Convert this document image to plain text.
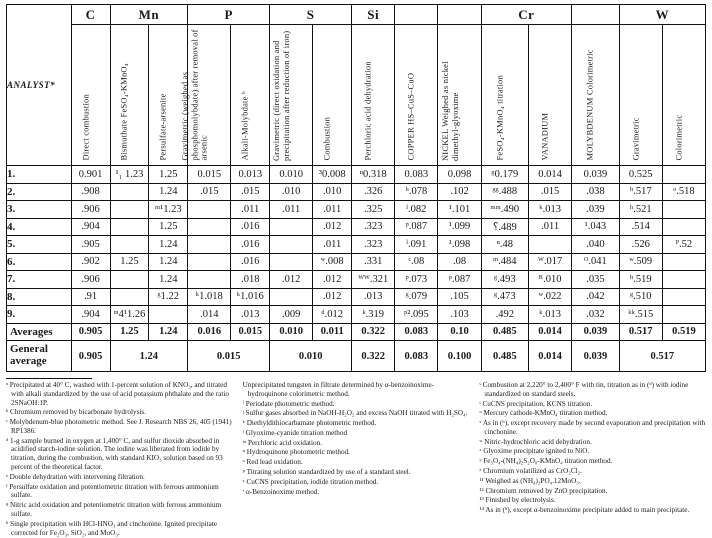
ANALYST*	C	Mn		P		S		Si			Cr			W	

	Direct combustion	Bismuthate FeSO₄-KMnO₄	Persulfate-arsenite	Gravimetric (weighed as phosphomolybdate) after removal of arsenic	Alkali-Molybdate ᵇ	Gravimetric (direct oxidation and precipitation after reduction of iron)	Combustion	Perchloric acid dehydration	COPPER HS–CuS–CuO	NICKEL Weighed as nickel dimethyl-glyoxime	FeSO₄-KMnO₄ titration	VANADIUM	MOLYBDENUM Colorimetric	Gravimetric	Colorimetric

1.	0.901	¹₁ 1.23	1.25	0.015	0.013	0.010	³0.008	ⁿ0.318	0.083	0.098	ᵍ0.179	0.014	0.039	0.525	
2.	.908		1.24	.015	.015	.010	.010	.326	ʰ.078	.102	ᵍᵍ.488	.015	.038	ʰ.517	ᵒ.518
3.	.906		ᵐ¹1.23		.011	.011	.011	.325	ˡ.082	¹.101	ᵐᵐ.490	ᵏ.013	.039	ʰ.521	
4.	.904		1.25		.016		.012	.323	ᵖ.087	¹.099	⸮.489	.011	¹.043	.514	
5.	.905		1.24		.016		.011	.323	ˡ.091	¹.098	ⁿ.48		.040	.526	ᴾ.52
6.	.902	1.25	1.24		.016		ʷ.008	.331	ᶜ.08	.08	ᵐ.484	ᵂ.017	ᴼ.041	ʷ.509	
7.	.906		1.24		.018	.012	.012	ᵂᵂ.321	ᵖ.073	ᵖ.087	ᵍ.493	ᴿ.010	.035	ʰ.519	
8.	.91		ᵍ1.22	ᵏ1.018	ᵏ1.016		.012	.013	ᵍ.079	.105	ᵍ.473	ʷ.022	.042	ᵍ.510	
9.	.904	ᵐ4¹1.26		.014	.013	.009	ᵈ.012	ᵏ.319	ᵖ².095	.103	.492	ᵏ.013	.032	ᵏᵏ.515	
Averages	0.905	1.25	1.24	0.016	0.015	0.010	0.011	0.322	0.083	0.10	0.485	0.014	0.039	0.517	0.519
General average	0.905	1.24		0.015		0.010		0.322	0.083	0.100	0.485	0.014	0.039	0.517	

ᵃ Precipitated at 40° C, washed with 1-percent solution of KNO₃, and titrated with alkali standardized by the use of acid potassium phthalate and the ratio 2SNaOH:1P.

ᵇ Chromium removed by bicarbonate hydrolysis.

ᶜ Molybdenum-blue photometric method. See J. Research NBS 26, 405 (1941) RP1386.

ᵈ 1-g sample burned in oxygen at 1,400° C, and sulfur dioxide absorbed in acidified starch-iodine solution. The iodine was liberated from iodide by titration, during the combustion, with standard KIO₃ solution based on 93 percent of the theoretical factor.

ᵉ Double dehydration with intervening filtration.

ᶠ Persulfate oxidation and potentiometric titration with ferrous ammonium sulfate.

ᵍ Nitric acid oxidation and potentiometric titration with ferrous ammonium sulfate.

ʰ Single precipitation with HCl-HNO₃ and cinchonine. Ignited precipitate corrected for Fe₂O₃, SiO₂, and MoO₃.

Unprecipitated tungsten in filtrate determined by α-benzoinoxime-hydroquinone colorimetric method.

ⁱ Periodate photometric method.

ʲ Sulfur gases absorbed in NaOH-H₂O₂ and excess NaOH titrated with H₂SO₄.

ᵏ Diethyldithiocarbamate photometric method.

ˡ Glyoxime-cyanide titration method

ᵐ Perchloric acid oxidation.

ⁿ Hydroquinone photometric method.

ᵒ Red lead oxidation.

ᵖ Titrating solution standardized by use of a standard steel.

ᶻ CuCNS precipitation, iodide titration method.

ʳ α-Benzoinoxime method.

ˢ Combustion at 2,220° to 2,400° F with tin, titration as in (ᵈ) with iodine standardized on standard steels.

ᵗ CuCNS precipitation, KCNS titration.

ᵘ Mercury cathode-KMnO₄ titration method.

ᵛ As in (ʰ), except recovery made by second evaporation and precipitation with cinchonine.

ʷ Nitric-hydrochloric acid dehydration.

ˣ Glyoxime precipitate ignited to NiO.

ʸ Fe₃O₄-(NH₄)₂S₂O₈-KMnO₄ titration method.

ᶻ Chromium volatilized as CrO₂Cl₂.

¹¹ Weighed as (NH₄)₃PO₄.12MoO₃.

¹² Chromium removed by ZnO precipitation.

¹³ Finished by electrolysis.

¹⁴ As in (ʰ), except α-benzoinoxime precipitate added to main precipitate.
